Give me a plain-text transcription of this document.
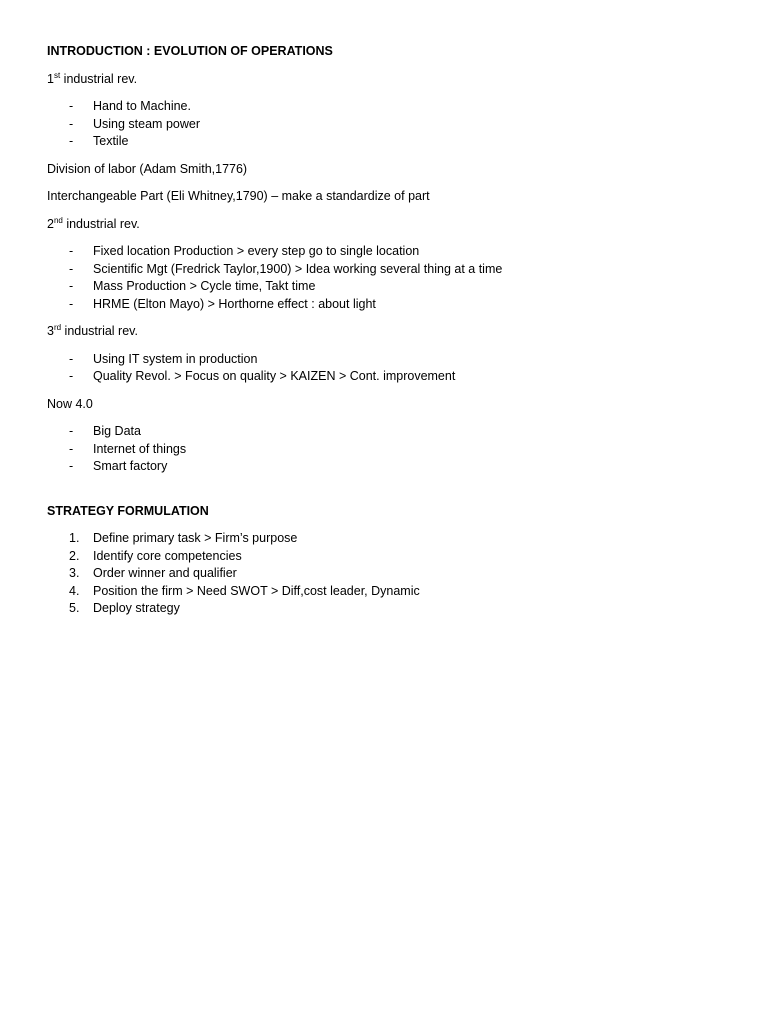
INTRODUCTION : EVOLUTION OF OPERATIONS
1st industrial rev.
- Hand to Machine.
- Using steam power
- Textile
Division of labor (Adam Smith,1776)
Interchangeable Part (Eli Whitney,1790) – make a standardize of part
2nd industrial rev.
- Fixed location Production > every step go to single location
- Scientific Mgt (Fredrick Taylor,1900) > Idea working several thing at a time
- Mass Production > Cycle time, Takt time
- HRME (Elton Mayo) > Horthorne effect : about light
3rd industrial rev.
- Using IT system in production
- Quality Revol. > Focus on quality > KAIZEN > Cont. improvement
Now 4.0
- Big Data
- Internet of things
- Smart factory
STRATEGY FORMULATION
1. Define primary task > Firm’s purpose
2. Identify core competencies
3. Order winner and qualifier
4. Position the firm > Need SWOT > Diff,cost leader, Dynamic
5. Deploy strategy
